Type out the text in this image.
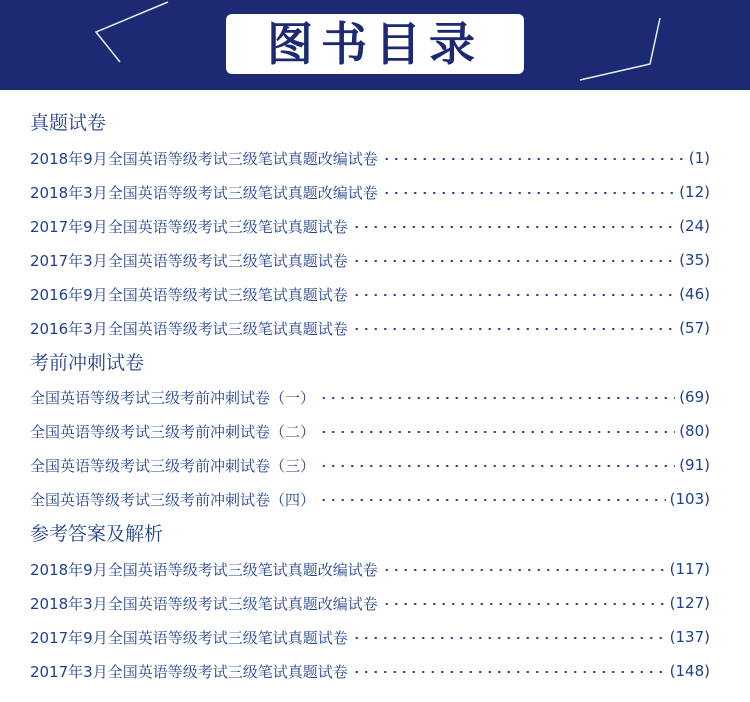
图书目录
真题试卷
2018年9月全国英语等级考试三级笔试真题改编试卷	(1)
2018年3月全国英语等级考试三级笔试真题改编试卷	(12)
2017年9月全国英语等级考试三级笔试真题试卷	(24)
2017年3月全国英语等级考试三级笔试真题试卷	(35)
2016年9月全国英语等级考试三级笔试真题试卷	(46)
2016年3月全国英语等级考试三级笔试真题试卷	(57)
考前冲刺试卷
全国英语等级考试三级考前冲刺试卷（一）	(69)
全国英语等级考试三级考前冲刺试卷（二）	(80)
全国英语等级考试三级考前冲刺试卷（三）	(91)
全国英语等级考试三级考前冲刺试卷（四）	(103)
参考答案及解析
2018年9月全国英语等级考试三级笔试真题改编试卷	(117)
2018年3月全国英语等级考试三级笔试真题改编试卷	(127)
2017年9月全国英语等级考试三级笔试真题试卷	(137)
2017年3月全国英语等级考试三级笔试真题试卷	(148)
